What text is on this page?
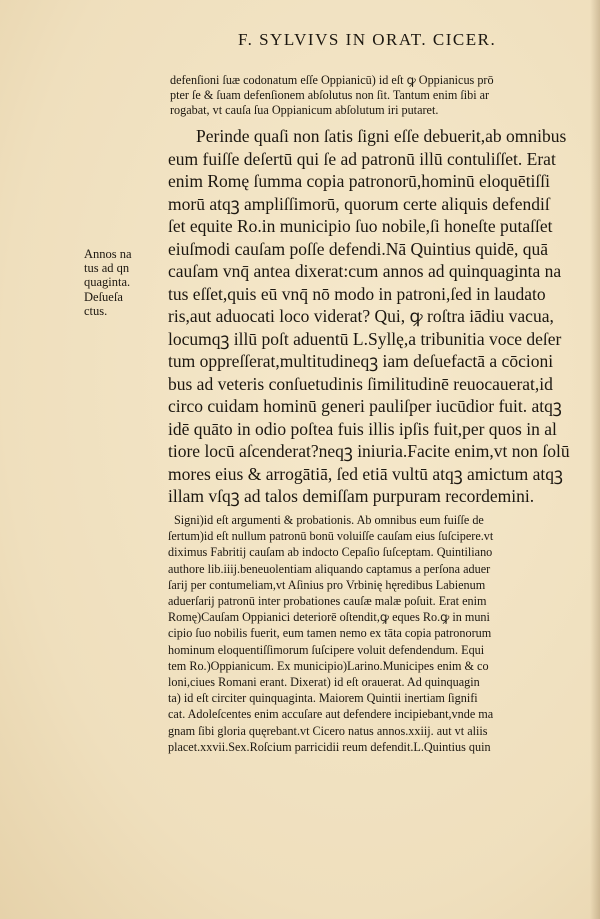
F. SYLVIVS IN ORAT. CICER.
defenſioni ſuæ codonatum eſſe Oppianicū) id eſt ꝙ Oppianicus prō
pter ſe & ſuam defenſionem abſolutus non ſit. Tantum enim ſibi ar
rogabat, vt cauſa ſua Oppianicum abſolutum iri putaret.
Perinde quaſi non ſatis ſigni eſſe debuerit,ab omnibus
eum fuiſſe deſertū qui ſe ad patronū illū contuliſſet. Erat
enim Romę ſumma copia patronorū,hominū eloquētiſſi
morū atqꝫ ampliſſimorū, quorum certe aliquis defendiſ
ſet equite Ro.in municipio ſuo nobile,ſi honeſte putaſſet
eiuſmodi cauſam poſſe defendi.Nā Quintius quidē, quā
cauſam vnq̄ antea dixerat:cum annos ad quinquaginta na
tus eſſet,quis eū vnq̄ nō modo in patroni,ſed in laudato
ris,aut aduocati loco viderat? Qui, ꝙ roſtra iādiu vacua,
locumqꝫ illū poſt aduentū L.Syllę,a tribunitia voce deſer
tum oppreſſerat,multitudineqꝫ iam deſuefactā a cōcioni
bus ad veteris conſuetudinis ſimilitudinē reuocauerat,id
circo cuidam hominū generi pauliſper iucūdior fuit. atqꝫ
idē quāto in odio poſtea fuis illis ipſis fuit,per quos in al
tiore locū aſcenderat?neqꝫ iniuria.Facite enim,vt non ſolū
mores eius & arrogātiā, ſed etiā vultū atqꝫ amictum atqꝫ
illam vſqꝫ ad talos demiſſam purpuram recordemini.
Annos na
tus ad qn
quaginta.
Deſueſa
ctus.
Signi)id eſt argumenti & probationis. Ab omnibus eum fuiſſe de
ſertum)id eſt nullum patronū bonū voluiſſe cauſam eius ſuſcipere.vt
diximus Fabritij cauſam ab indocto Cepaſio ſuſceptam. Quintiliano
authore lib.iiij.beneuolentiam aliquando captamus a perſona aduer
ſarij per contumeliam,vt Aſinius pro Vrbinię hęredibus Labienum
aduerſarij patronū inter probationes cauſæ malæ poſuit. Erat enim
Romę)Cauſam Oppianici deteriorē oſtendit,ꝙ eques Ro.ꝙ in muni
cipio ſuo nobilis fuerit, eum tamen nemo ex tāta copia patronorum
hominum eloquentiſſimorum ſuſcipere voluit defendendum. Equi
tem Ro.)Oppianicum. Ex municipio)Larino.Municipes enim & co
loni,ciues Romani erant. Dixerat) id eſt orauerat. Ad quinquagin
ta) id eſt circiter quinquaginta. Maiorem Quintii inertiam ſignifi
cat. Adoleſcentes enim accuſare aut defendere incipiebant,vnde ma
gnam ſibi gloria quęrebant.vt Cicero natus annos.xxiij. aut vt aliis
placet.xxvii.Sex.Roſcium parricidii reum defendit.L.Quintius quin
